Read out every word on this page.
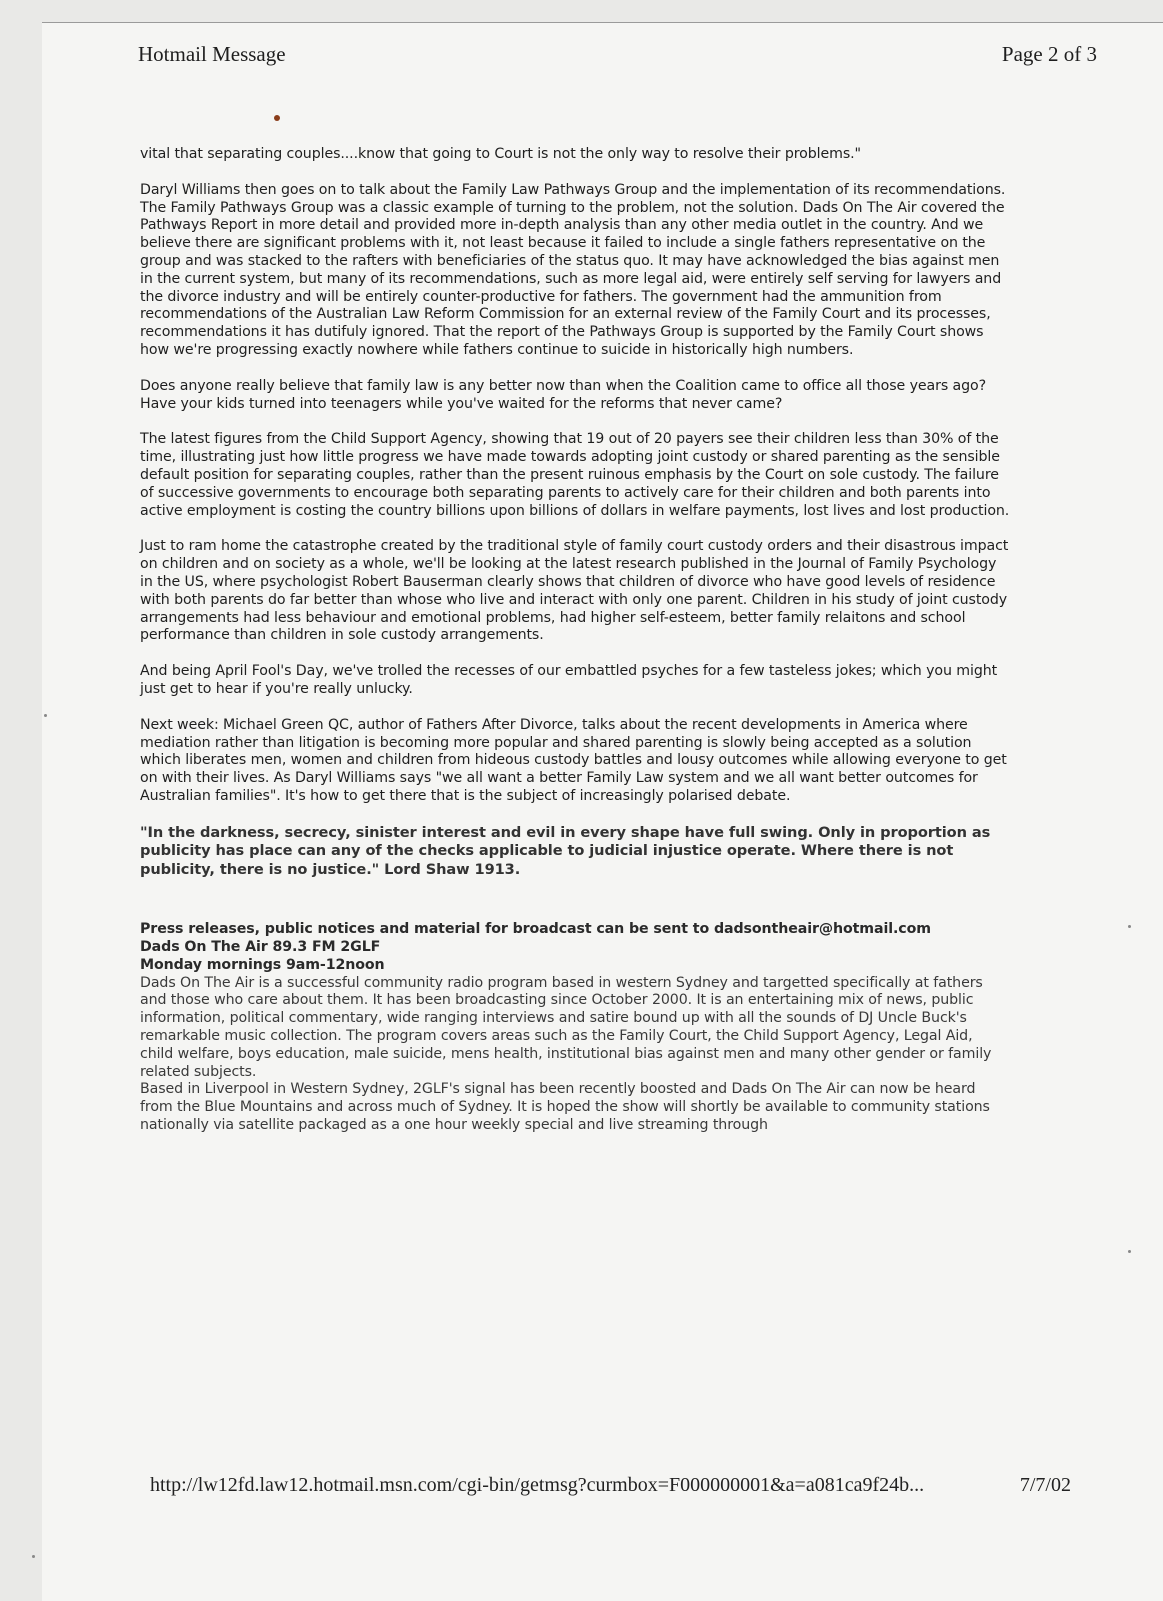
Hotmail Message	Page 2 of 3

vital that separating couples....know that going to Court is not the only way to resolve their problems."

Daryl Williams then goes on to talk about the Family Law Pathways Group and the implementation of its recommendations. The Family Pathways Group was a classic example of turning to the problem, not the solution. Dads On The Air covered the Pathways Report in more detail and provided more in-depth analysis than any other media outlet in the country. And we believe there are significant problems with it, not least because it failed to include a single fathers representative on the group and was stacked to the rafters with beneficiaries of the status quo. It may have acknowledged the bias against men in the current system, but many of its recommendations, such as more legal aid, were entirely self serving for lawyers and the divorce industry and will be entirely counter-productive for fathers. The government had the ammunition from recommendations of the Australian Law Reform Commission for an external review of the Family Court and its processes, recommendations it has dutifuly ignored. That the report of the Pathways Group is supported by the Family Court shows how we're progressing exactly nowhere while fathers continue to suicide in historically high numbers.

Does anyone really believe that family law is any better now than when the Coalition came to office all those years ago? Have your kids turned into teenagers while you've waited for the reforms that never came?

The latest figures from the Child Support Agency, showing that 19 out of 20 payers see their children less than 30% of the time, illustrating just how little progress we have made towards adopting joint custody or shared parenting as the sensible default position for separating couples, rather than the present ruinous emphasis by the Court on sole custody. The failure of successive governments to encourage both separating parents to actively care for their children and both parents into active employment is costing the country billions upon billions of dollars in welfare payments, lost lives and lost production.

Just to ram home the catastrophe created by the traditional style of family court custody orders and their disastrous impact on children and on society as a whole, we'll be looking at the latest research published in the Journal of Family Psychology in the US, where psychologist Robert Bauserman clearly shows that children of divorce who have good levels of residence with both parents do far better than whose who live and interact with only one parent. Children in his study of joint custody arrangements had less behaviour and emotional problems, had higher self-esteem, better family relaitons and school performance than children in sole custody arrangements.

And being April Fool's Day, we've trolled the recesses of our embattled psyches for a few tasteless jokes; which you might just get to hear if you're really unlucky.

Next week: Michael Green QC, author of Fathers After Divorce, talks about the recent developments in America where mediation rather than litigation is becoming more popular and shared parenting is slowly being accepted as a solution which liberates men, women and children from hideous custody battles and lousy outcomes while allowing everyone to get on with their lives. As Daryl Williams says "we all want a better Family Law system and we all want better outcomes for Australian families". It's how to get there that is the subject of increasingly polarised debate.

"In the darkness, secrecy, sinister interest and evil in every shape have full swing. Only in proportion as publicity has place can any of the checks applicable to judicial injustice operate. Where there is not publicity, there is no justice." Lord Shaw 1913.

Press releases, public notices and material for broadcast can be sent to dadsontheair@hotmail.com
Dads On The Air 89.3 FM 2GLF
Monday mornings 9am-12noon

Dads On The Air is a successful community radio program based in western Sydney and targetted specifically at fathers and those who care about them. It has been broadcasting since October 2000. It is an entertaining mix of news, public information, political commentary, wide ranging interviews and satire bound up with all the sounds of DJ Uncle Buck's remarkable music collection. The program covers areas such as the Family Court, the Child Support Agency, Legal Aid, child welfare, boys education, male suicide, mens health, institutional bias against men and many other gender or family related subjects.

Based in Liverpool in Western Sydney, 2GLF's signal has been recently boosted and Dads On The Air can now be heard from the Blue Mountains and across much of Sydney. It is hoped the show will shortly be available to community stations nationally via satellite packaged as a one hour weekly special and live streaming through

http://lw12fd.law12.hotmail.msn.com/cgi-bin/getmsg?curmbox=F000000001&a=a081ca9f24b...	7/7/02
